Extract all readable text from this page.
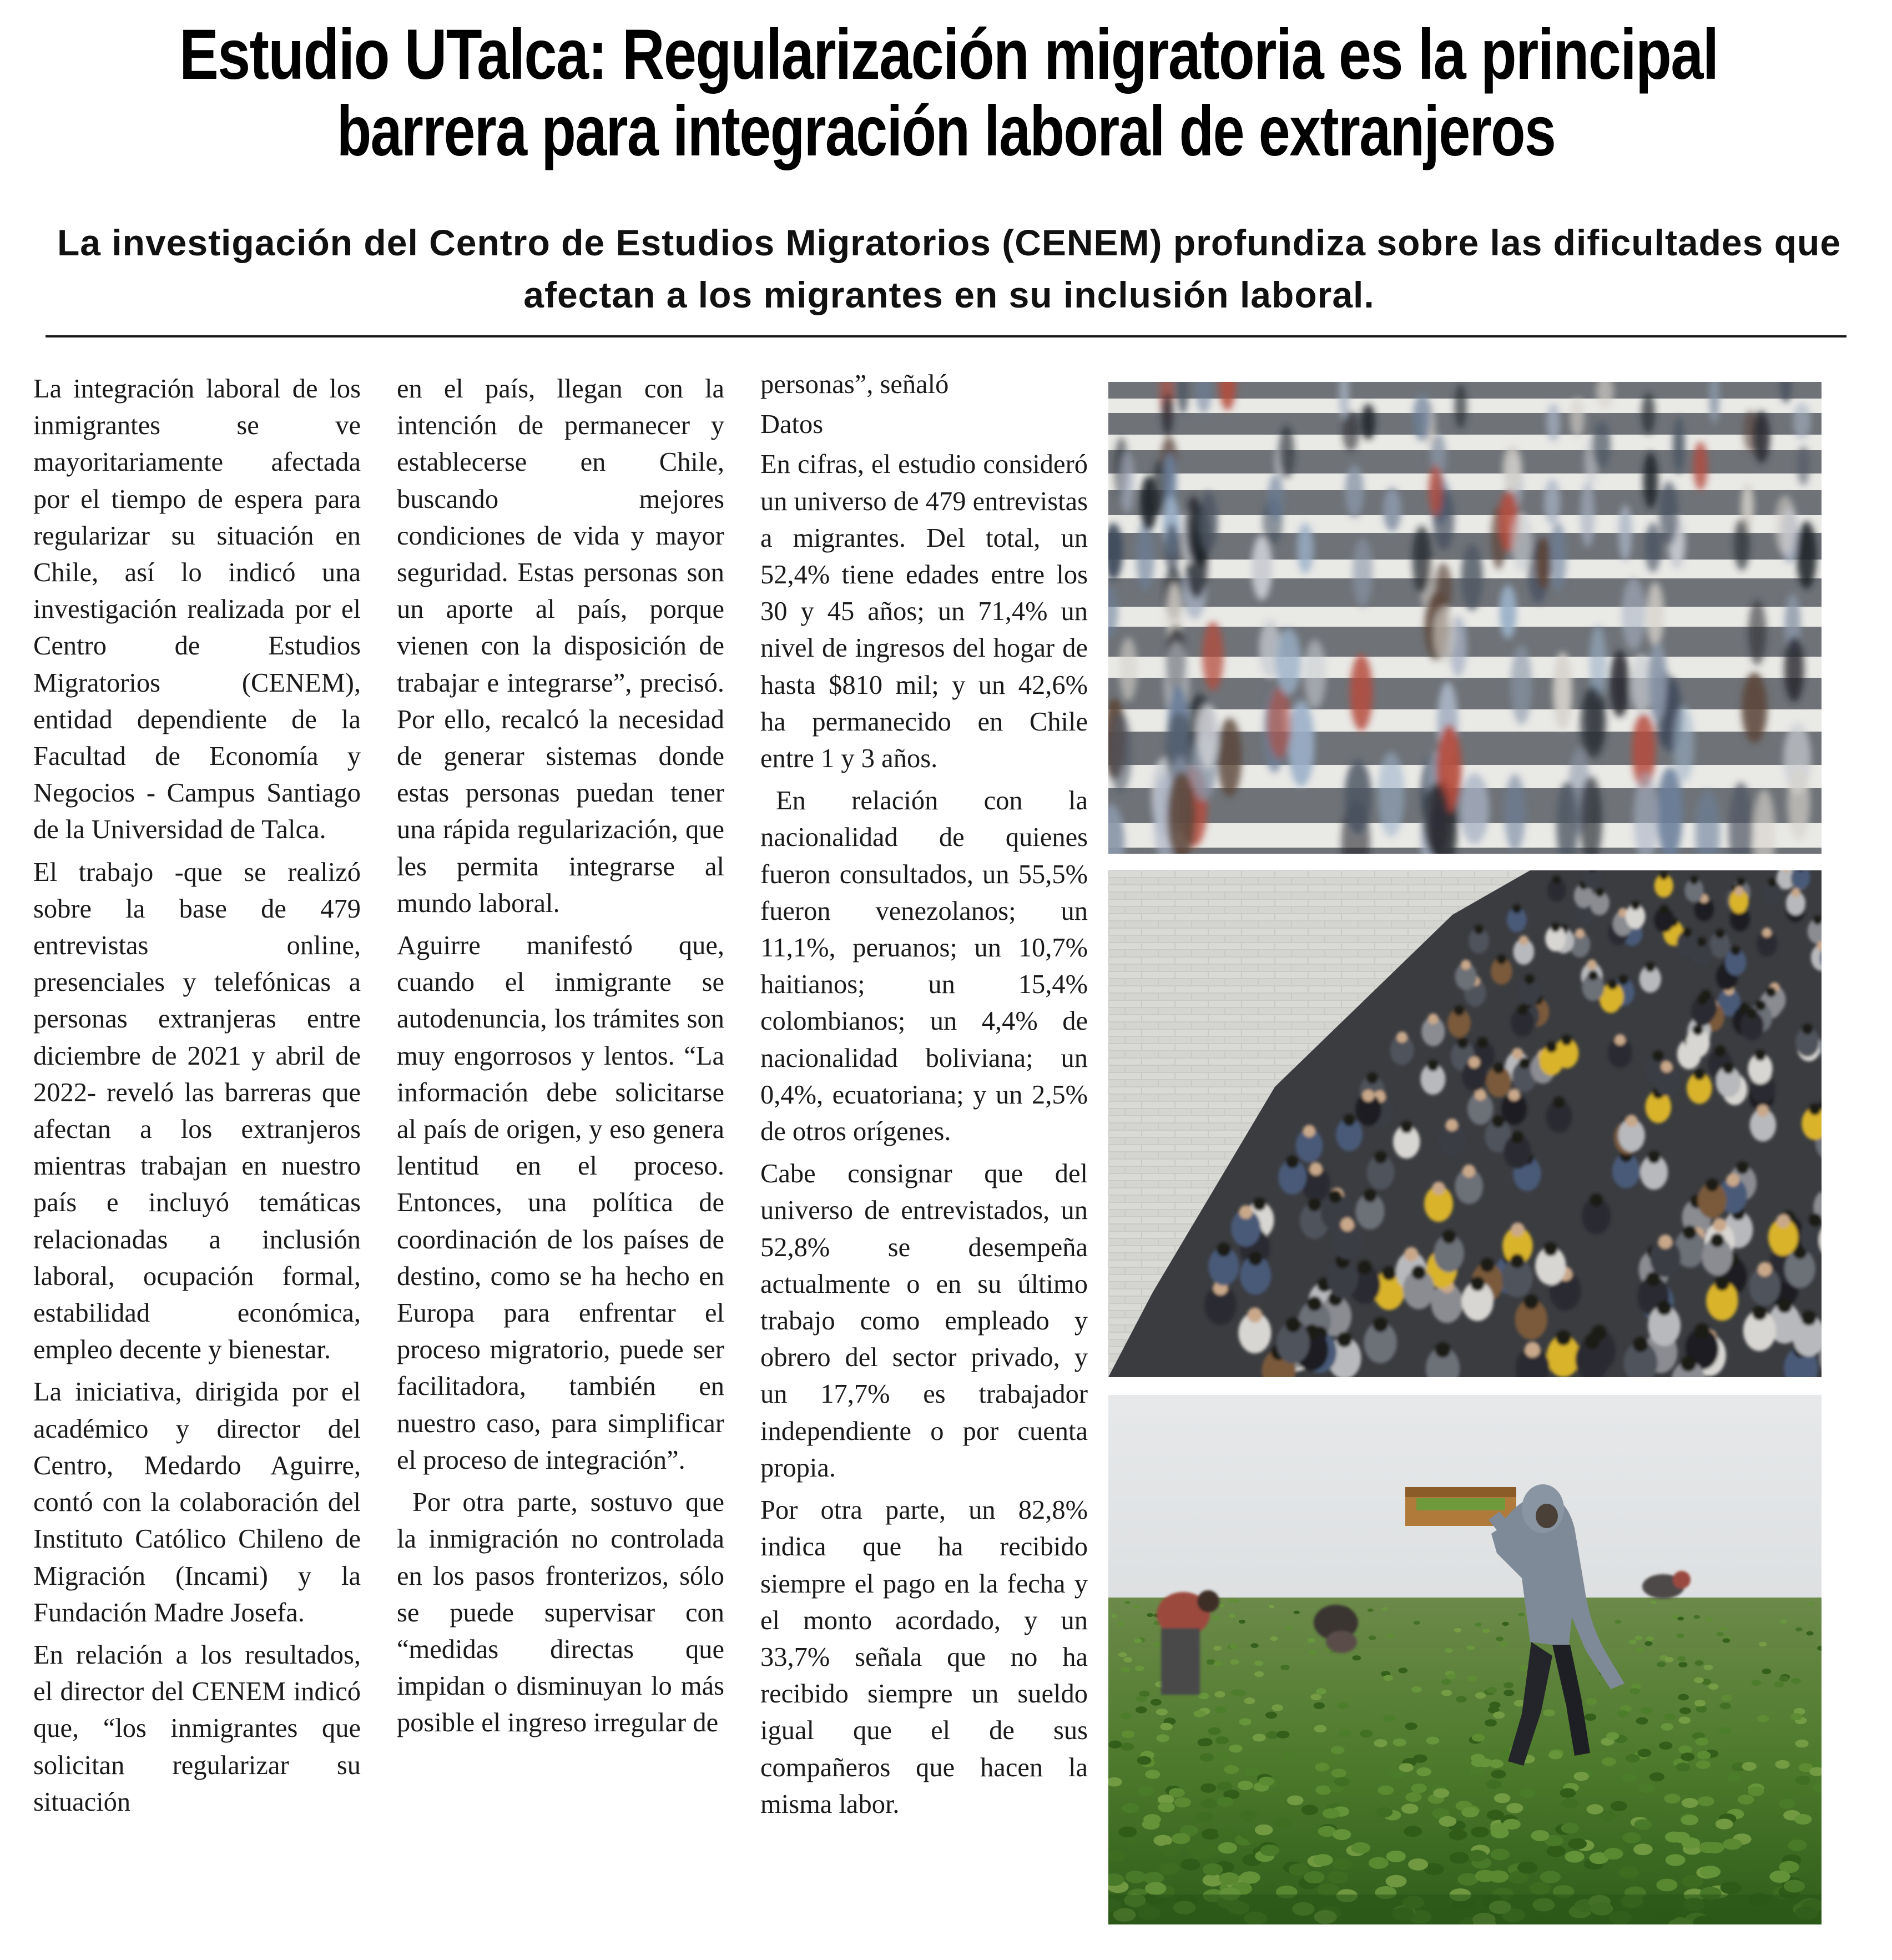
Estudio UTalca: Regularización migratoria es la principal
barrera para integración laboral de extranjeros
La investigación del Centro de Estudios Migratorios (CENEM) profundiza sobre las dificultades que afectan a los migrantes en su inclusión laboral.

La integración laboral de los inmigrantes se ve mayoritariamente afectada por el tiempo de espera para regularizar su situación en Chile, así lo indicó una investigación realizada por el Centro de Estudios Migratorios (CENEM), entidad dependiente de la Facultad de Economía y Negocios - Campus Santiago de la Universidad de Talca.

El trabajo -que se realizó sobre la base de 479 entrevistas online, presenciales y telefónicas a personas extranjeras entre diciembre de 2021 y abril de 2022- reveló las barreras que afectan a los extranjeros mientras trabajan en nuestro país e incluyó temáticas relacionadas a inclusión laboral, ocupación formal, estabilidad económica, empleo decente y bienestar.

La iniciativa, dirigida por el académico y director del Centro, Medardo Aguirre, contó con la colaboración del Instituto Católico Chileno de Migración (Incami) y la Fundación Madre Josefa.

En relación a los resultados, el director del CENEM indicó que, “los inmigrantes que solicitan regularizar su situación

en el país, llegan con la intención de permanecer y establecerse en Chile, buscando mejores condiciones de vida y mayor seguridad. Estas personas son un aporte al país, porque vienen con la disposición de trabajar e integrarse”, precisó. Por ello, recalcó la necesidad de generar sistemas donde estas personas puedan tener una rápida regularización, que les permita integrarse al mundo laboral.

Aguirre manifestó que, cuando el inmigrante se autodenuncia, los trámites son muy engorrosos y lentos. “La información debe solicitarse al país de origen, y eso genera lentitud en el proceso. Entonces, una política de coordinación de los países de destino, como se ha hecho en Europa para enfrentar el proceso migratorio, puede ser facilitadora, también en nuestro caso, para simplificar el proceso de integración”.

Por otra parte, sostuvo que la inmigración no controlada en los pasos fronterizos, sólo se puede supervisar con “medidas directas que impidan o disminuyan lo más posible el ingreso irregular de

personas”, señaló

Datos

En cifras, el estudio consideró un universo de 479 entrevistas a migrantes. Del total, un 52,4% tiene edades entre los 30 y 45 años; un 71,4% un nivel de ingresos del hogar de hasta $810 mil; y un 42,6% ha permanecido en Chile entre 1 y 3 años.

En relación con la nacionalidad de quienes fueron consultados, un 55,5% fueron venezolanos; un 11,1%, peruanos; un 10,7% haitianos; un 15,4% colombianos; un 4,4% de nacionalidad boliviana; un 0,4%, ecuatoriana; y un 2,5% de otros orígenes.

Cabe consignar que del universo de entrevistados, un 52,8% se desempeña actualmente o en su último trabajo como empleado y obrero del sector privado, y un 17,7% es trabajador independiente o por cuenta propia.

Por otra parte, un 82,8% indica que ha recibido siempre el pago en la fecha y el monto acordado, y un 33,7% señala que no ha recibido siempre un sueldo igual que el de sus compañeros que hacen la misma labor.
